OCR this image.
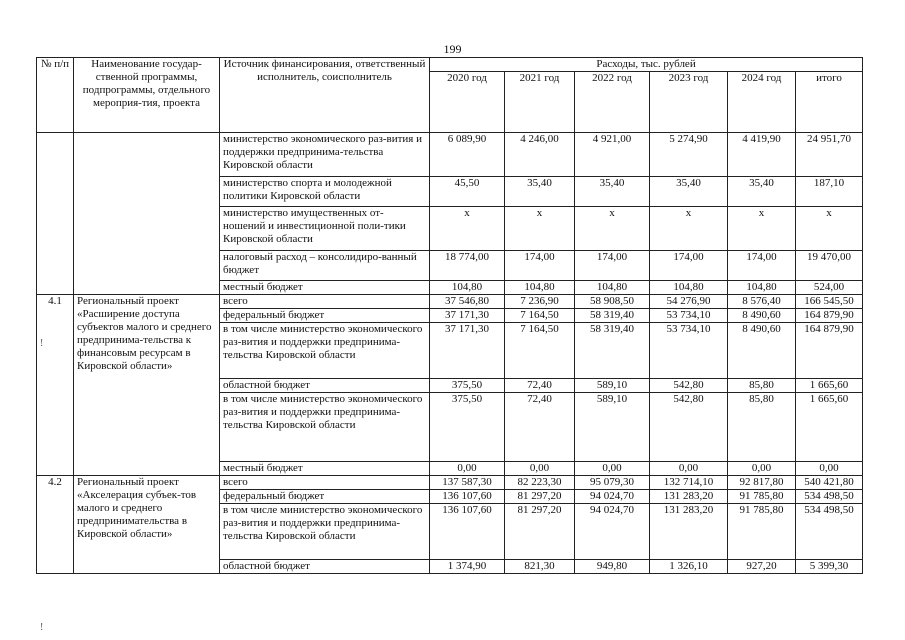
199
№ п/п	Наименование государ-ственной программы, подпрограммы, отдельного мероприя-тия, проекта	Источник финансирования, ответственный исполнитель, соисполнитель	Расходы, тыс. рублей					
			2020 год	2021 год	2022 год	2023 год	2024 год	итого
		министерство экономического раз-вития и поддержки предпринима-тельства Кировской области	6 089,90	4 246,00	4 921,00	5 274,90	4 419,90	24 951,70
		министерство спорта и молодежной политики Кировской области	45,50	35,40	35,40	35,40	35,40	187,10
		министерство имущественных от-ношений и инвестиционной поли-тики Кировской области	x	x	x	x	x	x
		налоговый расход – консолидиро-ванный бюджет	18 774,00	174,00	174,00	174,00	174,00	19 470,00
		местный бюджет	104,80	104,80	104,80	104,80	104,80	524,00
4.1	Региональный проект «Расширение доступа субъектов малого и среднего предпринима-тельства к финансовым ресурсам в Кировской области»	всего	37 546,80	7 236,90	58 908,50	54 276,90	8 576,40	166 545,50
		федеральный бюджет	37 171,30	7 164,50	58 319,40	53 734,10	8 490,60	164 879,90
		в том числе министерство экономического раз-вития и поддержки предпринима-тельства Кировской области	37 171,30	7 164,50	58 319,40	53 734,10	8 490,60	164 879,90
		областной бюджет	375,50	72,40	589,10	542,80	85,80	1 665,60
		в том числе министерство экономического раз-вития и поддержки предпринима-тельства Кировской области	375,50	72,40	589,10	542,80	85,80	1 665,60
		местный бюджет	0,00	0,00	0,00	0,00	0,00	0,00
4.2	Региональный проект «Акселерация субъек-тов малого и среднего предпринимательства в Кировской области»	всего	137 587,30	82 223,30	95 079,30	132 714,10	92 817,80	540 421,80
		федеральный бюджет	136 107,60	81 297,20	94 024,70	131 283,20	91 785,80	534 498,50
		в том числе министерство экономического раз-вития и поддержки предпринима-тельства Кировской области	136 107,60	81 297,20	94 024,70	131 283,20	91 785,80	534 498,50
		областной бюджет	1 374,90	821,30	949,80	1 326,10	927,20	5 399,30
!
!
